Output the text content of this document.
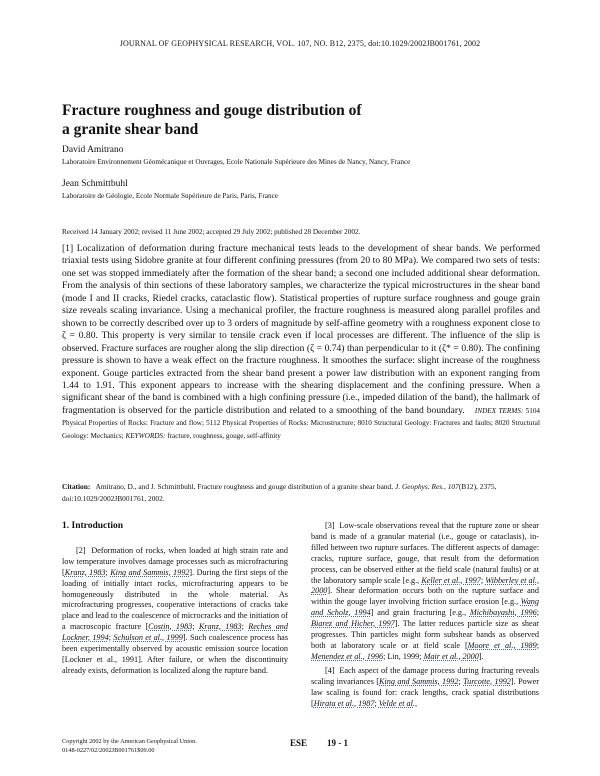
JOURNAL OF GEOPHYSICAL RESEARCH, VOL. 107, NO. B12, 2375, doi:10.1029/2002JB001761, 2002
Fracture roughness and gouge distribution of
a granite shear band
David Amitrano
Laboratoire Environnement Géomécanique et Ouvrages, Ecole Nationale Supérieure des Mines de Nancy, Nancy, France
Jean Schmittbuhl
Laboratoire de Géologie, Ecole Normale Supérieure de Paris, Paris, France
Received 14 January 2002; revised 11 June 2002; accepted 29 July 2002; published 28 December 2002.
[1] Localization of deformation during fracture mechanical tests leads to the development of shear bands. We performed triaxial tests using Sidobre granite at four different confining pressures (from 20 to 80 MPa). We compared two sets of tests: one set was stopped immediately after the formation of the shear band; a second one included additional shear deformation. From the analysis of thin sections of these laboratory samples, we characterize the typical microstructures in the shear band (mode I and II cracks, Riedel cracks, cataclastic flow). Statistical properties of rupture surface roughness and gouge grain size reveals scaling invariance. Using a mechanical profiler, the fracture roughness is measured along parallel profiles and shown to be correctly described over up to 3 orders of magnitude by self-affine geometry with a roughness exponent close to ζ = 0.80. This property is very similar to tensile crack even if local processes are different. The influence of the slip is observed. Fracture surfaces are rougher along the slip direction (ζ = 0.74) than perpendicular to it (ζ* = 0.80). The confining pressure is shown to have a weak effect on the fracture roughness. It smoothes the surface: slight increase of the roughness exponent. Gouge particles extracted from the shear band present a power law distribution with an exponent ranging from 1.44 to 1.91. This exponent appears to increase with the shearing displacement and the confining pressure. When a significant shear of the band is combined with a high confining pressure (i.e., impeded dilation of the band), the hallmark of fragmentation is observed for the particle distribution and related to a smoothing of the band boundary. INDEX TERMS: 5104 Physical Properties of Rocks: Fracture and flow; 5112 Physical Properties of Rocks: Microstructure; 8010 Structural Geology: Fractures and faults; 8020 Structural Geology: Mechanics; KEYWORDS: fracture, roughness, gouge, self-affinity
Citation: Amitrano, D., and J. Schmittbuhl, Fracture roughness and gouge distribution of a granite shear band, J. Geophys. Res., 107(B12), 2375, doi:10.1029/2002JB001761, 2002.
1. Introduction

[2] Deformation of rocks, when loaded at high strain rate and low temperature involves damage processes such as microfracturing [Kranz, 1983; King and Sammis, 1992]. During the first steps of the loading of initially intact rocks, microfracturing appears to be homogeneously distributed in the whole material. As microfracturing progresses, cooperative interactions of cracks take place and lead to the coalescence of microcracks and the initiation of a macroscopic fracture [Costin, 1983; Kranz, 1983; Reches and Lockner, 1994; Schulson et al., 1999]. Such coalescence process has been experimentally observed by acoustic emission source location [Lockner et al., 1991]. After failure, or when the discontinuity already exists, deformation is localized along the rupture band.

[3] Low-scale observations reveal that the rupture zone or shear band is made of a granular material (i.e., gouge or cataclasis), in-filled between two rupture surfaces. The different aspects of damage: cracks, rupture surface, gouge, that result from the deformation process, can be observed either at the field scale (natural faults) or at the laboratory sample scale [e.g., Keller et al., 1997; Wibberley et al., 2000]. Shear deformation occurs both on the rupture surface and within the gouge layer involving friction surface erosion [e.g., Wang and Scholz, 1994] and grain fracturing [e.g., Michibayashi, 1996; Biarez and Hicher, 1997]. The latter reduces particle size as shear progresses. Thin particles might form subshear bands as observed both at laboratory scale or at field scale [Moore et al., 1989; Menendez et al., 1996; Lin, 1999; Mair et al., 2000].

[4] Each aspect of the damage process during fracturing reveals scaling invariances [King and Sammis, 1992; Turcotte, 1992]. Power law scaling is found for: crack lengths, crack spatial distributions [Hirata et al., 1987; Velde et al.,

Copyright 2002 by the American Geophysical Union.
0148-0227/02/2002JB001761$09.00
ESE 19 - 1
